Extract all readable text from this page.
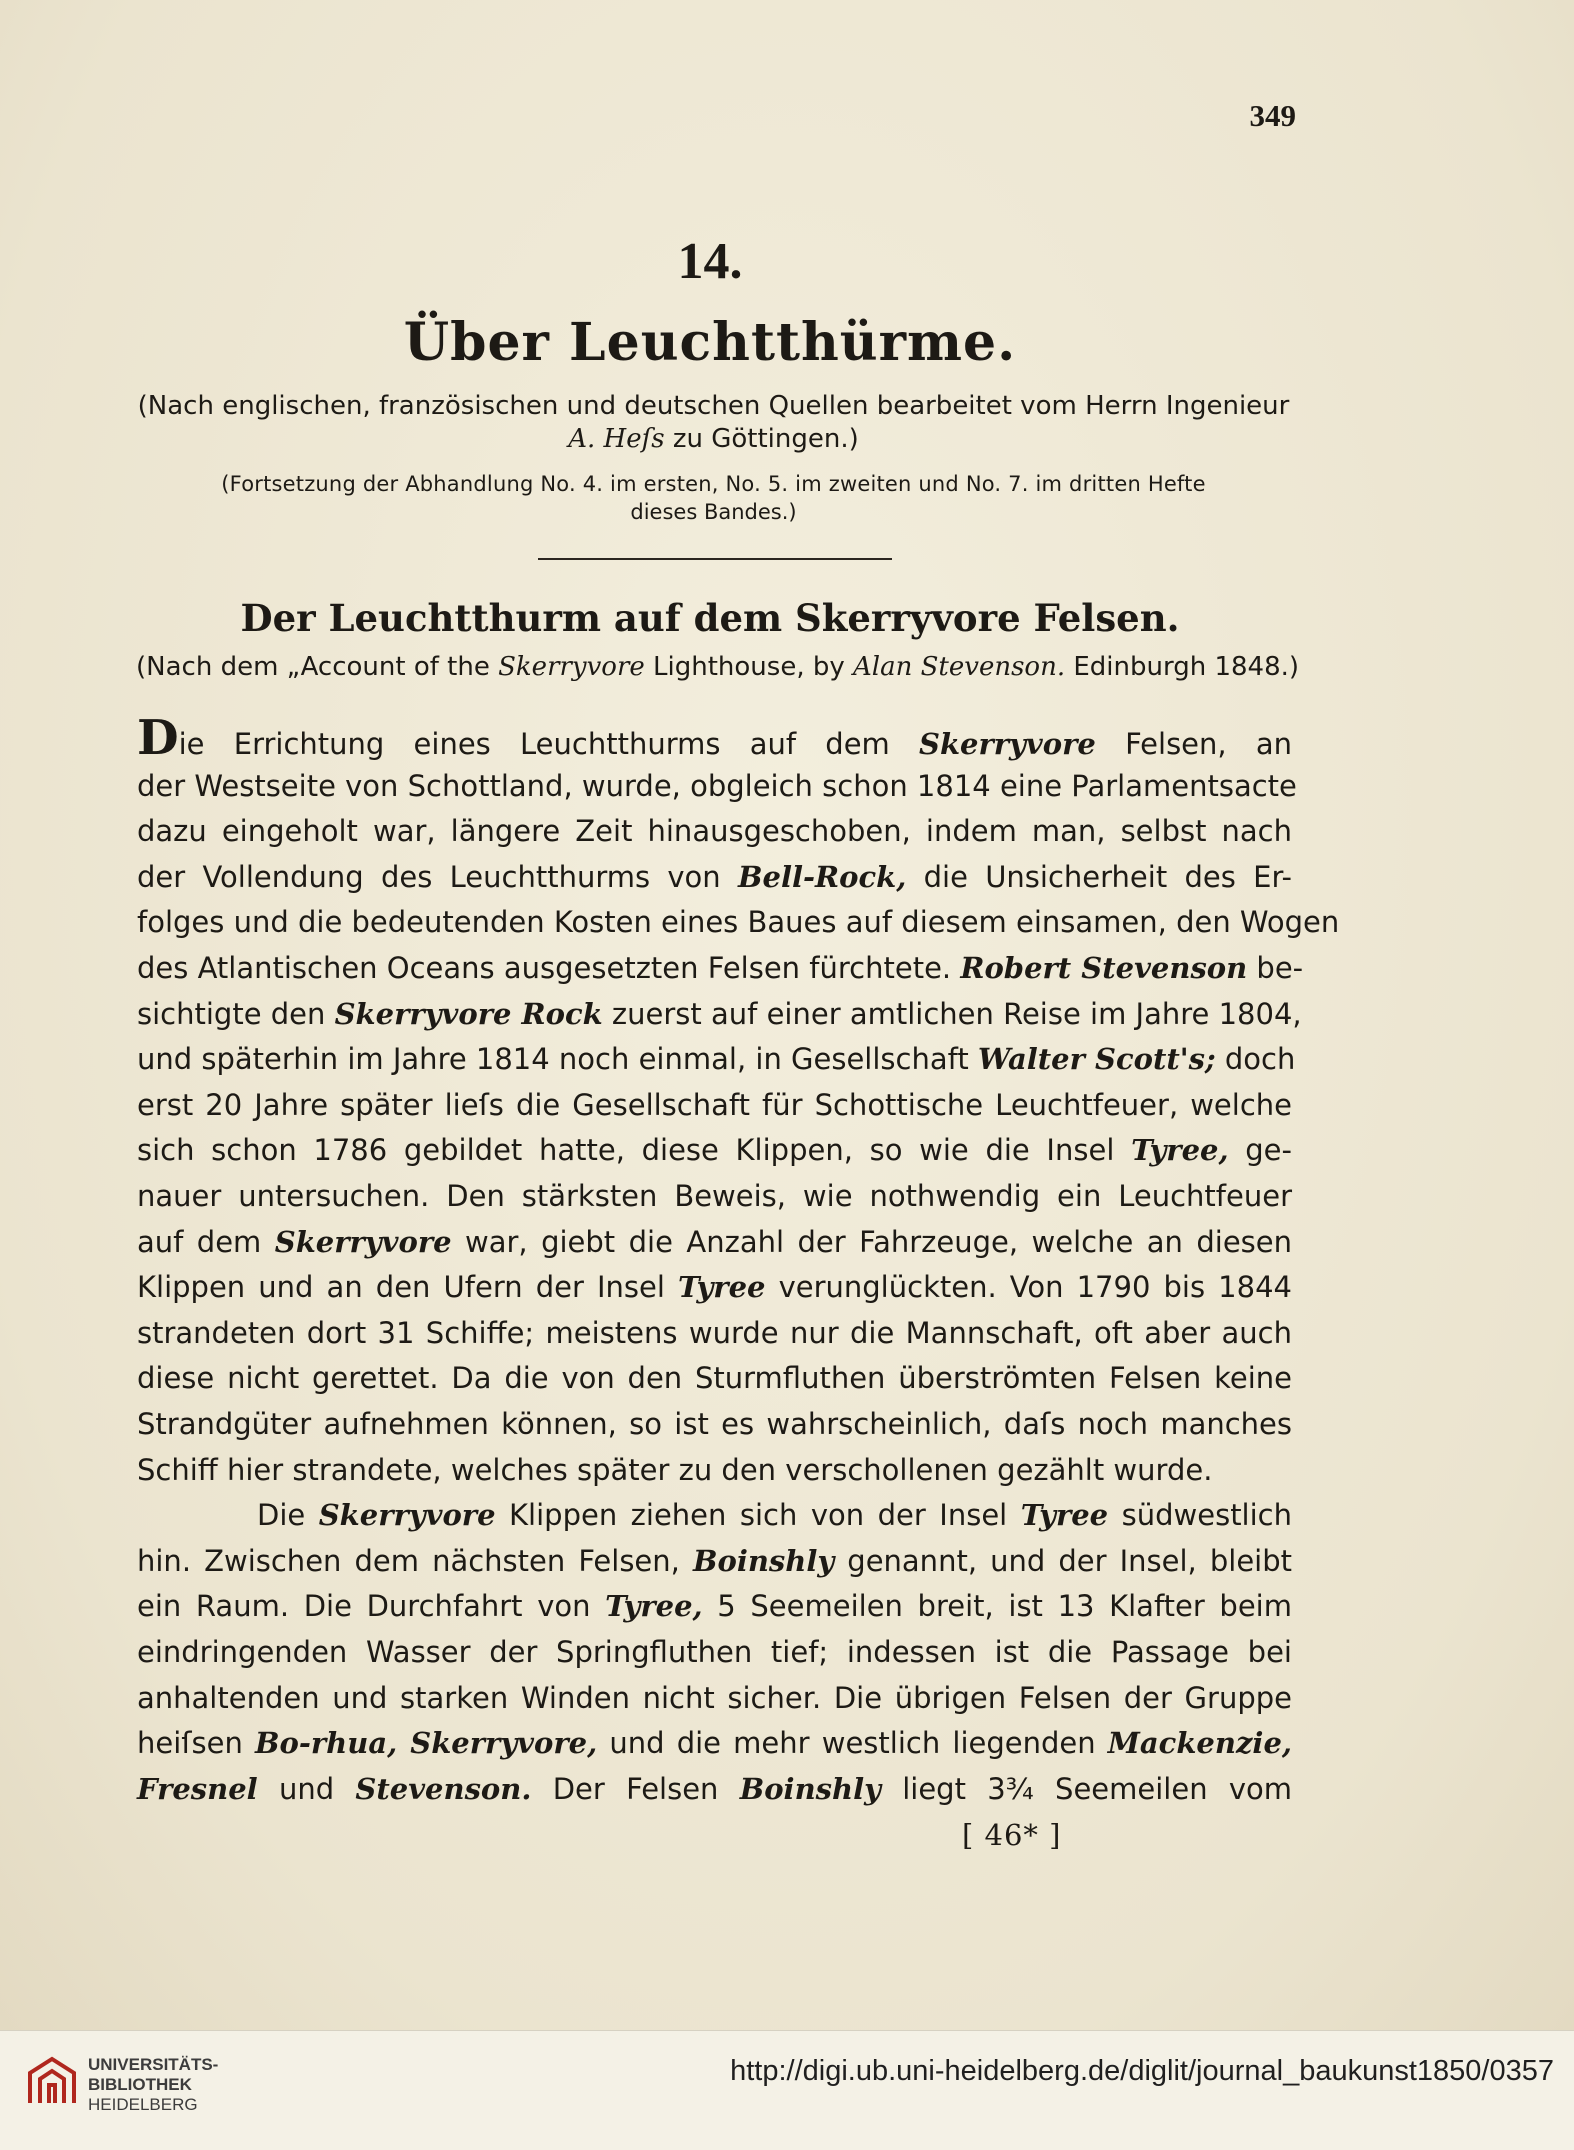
349
14.
Über Leuchtthürme.
(Nach englischen, französischen und deutschen Quellen bearbeitet vom Herrn Ingenieur
A. Heſs zu Göttingen.)
(Fortsetzung der Abhandlung No. 4. im ersten, No. 5. im zweiten und No. 7. im dritten Hefte
dieses Bandes.)
Der Leuchtthurm auf dem Skerryvore Felsen.
(Nach dem „Account of the Skerryvore Lighthouse, by Alan Stevenson. Edinburgh 1848.)
Die Errichtung eines Leuchtthurms auf dem Skerryvore Felsen, an
der Westseite von Schottland, wurde, obgleich schon 1814 eine Parlamentsacte
dazu eingeholt war, längere Zeit hinausgeschoben, indem man, selbst nach
der Vollendung des Leuchtthurms von Bell-Rock, die Unsicherheit des Er-
folges und die bedeutenden Kosten eines Baues auf diesem einsamen, den Wogen
des Atlantischen Oceans ausgesetzten Felsen fürchtete. Robert Stevenson be-
sichtigte den Skerryvore Rock zuerst auf einer amtlichen Reise im Jahre 1804,
und späterhin im Jahre 1814 noch einmal, in Gesellschaft Walter Scott's; doch
erst 20 Jahre später lieſs die Gesellschaft für Schottische Leuchtfeuer, welche
sich schon 1786 gebildet hatte, diese Klippen, so wie die Insel Tyree, ge-
nauer untersuchen. Den stärksten Beweis, wie nothwendig ein Leuchtfeuer
auf dem Skerryvore war, giebt die Anzahl der Fahrzeuge, welche an diesen
Klippen und an den Ufern der Insel Tyree verunglückten. Von 1790 bis 1844
strandeten dort 31 Schiffe; meistens wurde nur die Mannschaft, oft aber auch
diese nicht gerettet. Da die von den Sturmfluthen überströmten Felsen keine
Strandgüter aufnehmen können, so ist es wahrscheinlich, daſs noch manches
Schiff hier strandete, welches später zu den verschollenen gezählt wurde.
Die Skerryvore Klippen ziehen sich von der Insel Tyree südwestlich
hin. Zwischen dem nächsten Felsen, Boinshly genannt, und der Insel, bleibt
ein Raum. Die Durchfahrt von Tyree, 5 Seemeilen breit, ist 13 Klafter beim
eindringenden Wasser der Springfluthen tief; indessen ist die Passage bei
anhaltenden und starken Winden nicht sicher. Die übrigen Felsen der Gruppe
heiſsen Bo-rhua, Skerryvore, und die mehr westlich liegenden Mackenzie,
Fresnel und Stevenson. Der Felsen Boinshly liegt 3¾ Seemeilen vom
[ 46* ]
UNIVERSITÄTS-
BIBLIOTHEK
HEIDELBERG
http://digi.ub.uni-heidelberg.de/diglit/journal_baukunst1850/0357
